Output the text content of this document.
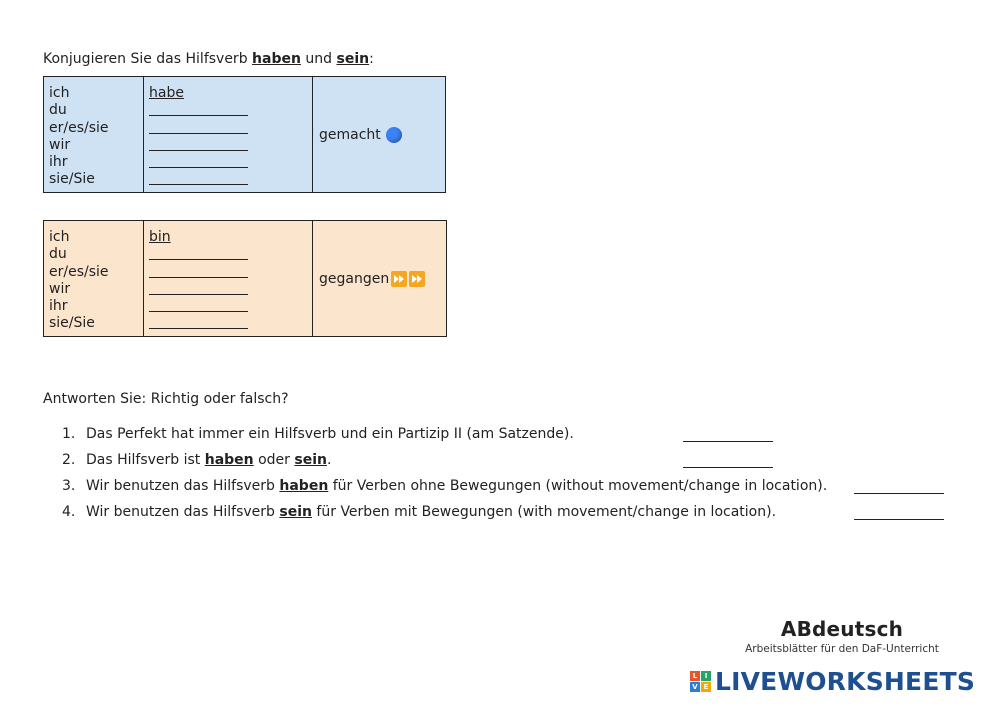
Konjugieren Sie das Hilfsverb haben und sein:
ich
du
er/es/sie
wir
ihr
sie/Sie
habe
gemacht
ich
du
er/es/sie
wir
ihr
sie/Sie
bin
gegangen
Antworten Sie: Richtig oder falsch?
1. Das Perfekt hat immer ein Hilfsverb und ein Partizip II (am Satzende).
2. Das Hilfsverb ist haben oder sein.
3. Wir benutzen das Hilfsverb haben für Verben ohne Bewegungen (without movement/change in location).
4. Wir benutzen das Hilfsverb sein für Verben mit Bewegungen (with movement/change in location).
ABdeutsch
Arbeitsblätter für den DaF-Unterricht
L	I
V E LIVEWORKSHEETS
